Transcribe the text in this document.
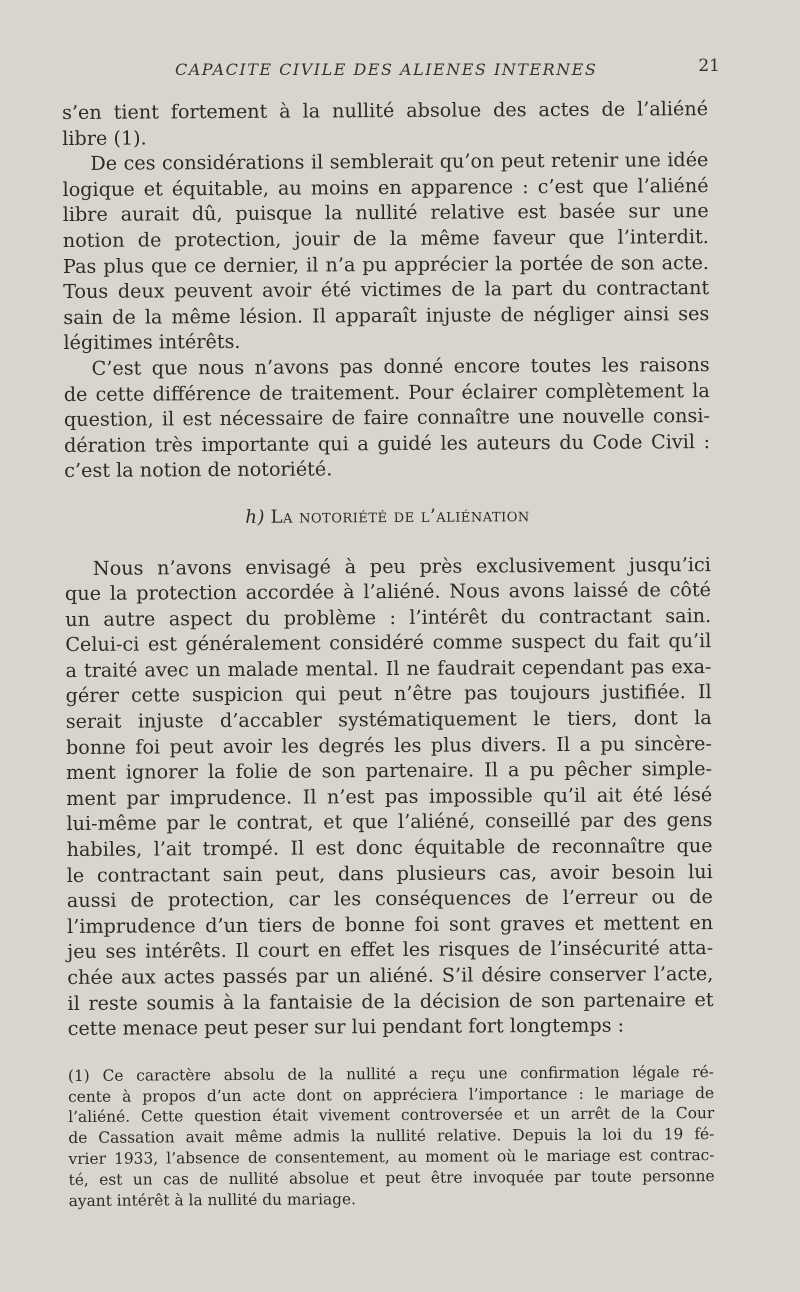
CAPACITE CIVILE DES ALIENES INTERNES	21
s’en tient fortement à la nullité absolue des actes de l’aliéné
libre (1).
De ces considérations il semblerait qu’on peut retenir une idée
logique et équitable, au moins en apparence : c’est que l’aliéné
libre aurait dû, puisque la nullité relative est basée sur une
notion de protection, jouir de la même faveur que l’interdit.
Pas plus que ce dernier, il n’a pu apprécier la portée de son acte.
Tous deux peuvent avoir été victimes de la part du contractant
sain de la même lésion. Il apparaît injuste de négliger ainsi ses
légitimes intérêts.
C’est que nous n’avons pas donné encore toutes les raisons
de cette différence de traitement. Pour éclairer complètement la
question, il est nécessaire de faire connaître une nouvelle consi-
dération très importante qui a guidé les auteurs du Code Civil :
c’est la notion de notoriété.
h) La notoriété de l’aliénation
Nous n’avons envisagé à peu près exclusivement jusqu’ici
que la protection accordée à l’aliéné. Nous avons laissé de côté
un autre aspect du problème : l’intérêt du contractant sain.
Celui-ci est généralement considéré comme suspect du fait qu’il
a traité avec un malade mental. Il ne faudrait cependant pas exa-
gérer cette suspicion qui peut n’être pas toujours justifiée. Il
serait injuste d’accabler systématiquement le tiers, dont la
bonne foi peut avoir les degrés les plus divers. Il a pu sincère-
ment ignorer la folie de son partenaire. Il a pu pêcher simple-
ment par imprudence. Il n’est pas impossible qu’il ait été lésé
lui-même par le contrat, et que l’aliéné, conseillé par des gens
habiles, l’ait trompé. Il est donc équitable de reconnaître que
le contractant sain peut, dans plusieurs cas, avoir besoin lui
aussi de protection, car les conséquences de l’erreur ou de
l’imprudence d’un tiers de bonne foi sont graves et mettent en
jeu ses intérêts. Il court en effet les risques de l’insécurité atta-
chée aux actes passés par un aliéné. S’il désire conserver l’acte,
il reste soumis à la fantaisie de la décision de son partenaire et
cette menace peut peser sur lui pendant fort longtemps :
(1) Ce caractère absolu de la nullité a reçu une confirmation légale ré-
cente à propos d’un acte dont on appréciera l’importance : le mariage de
l’aliéné. Cette question était vivement controversée et un arrêt de la Cour
de Cassation avait même admis la nullité relative. Depuis la loi du 19 fé-
vrier 1933, l’absence de consentement, au moment où le mariage est contrac-
té, est un cas de nullité absolue et peut être invoquée par toute personne
ayant intérêt à la nullité du mariage.
